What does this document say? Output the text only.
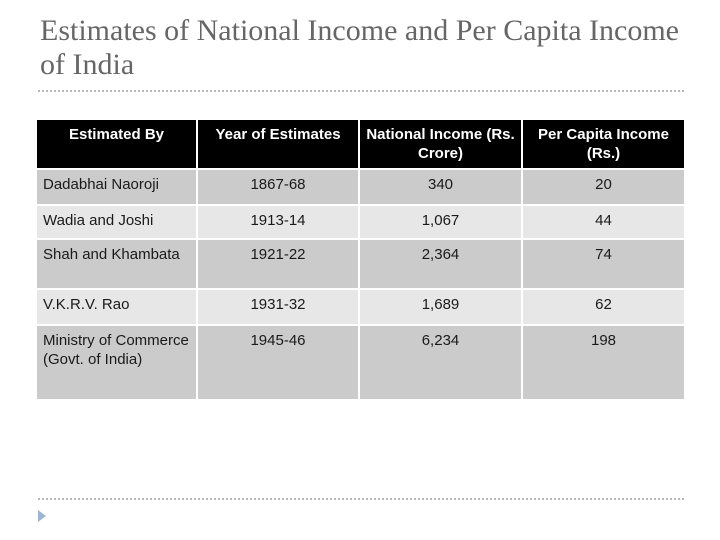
Estimates of National Income and Per Capita Income of India
Estimated By	Year of Estimates	National Income (Rs. Crore)	Per Capita Income (Rs.)
Dadabhai Naoroji	1867-68	340	20
Wadia and Joshi	1913-14	1,067	44
Shah and Khambata	1921-22	2,364	74
V.K.R.V. Rao	1931-32	1,689	62
Ministry of Commerce (Govt. of India)	1945-46	6,234	198
